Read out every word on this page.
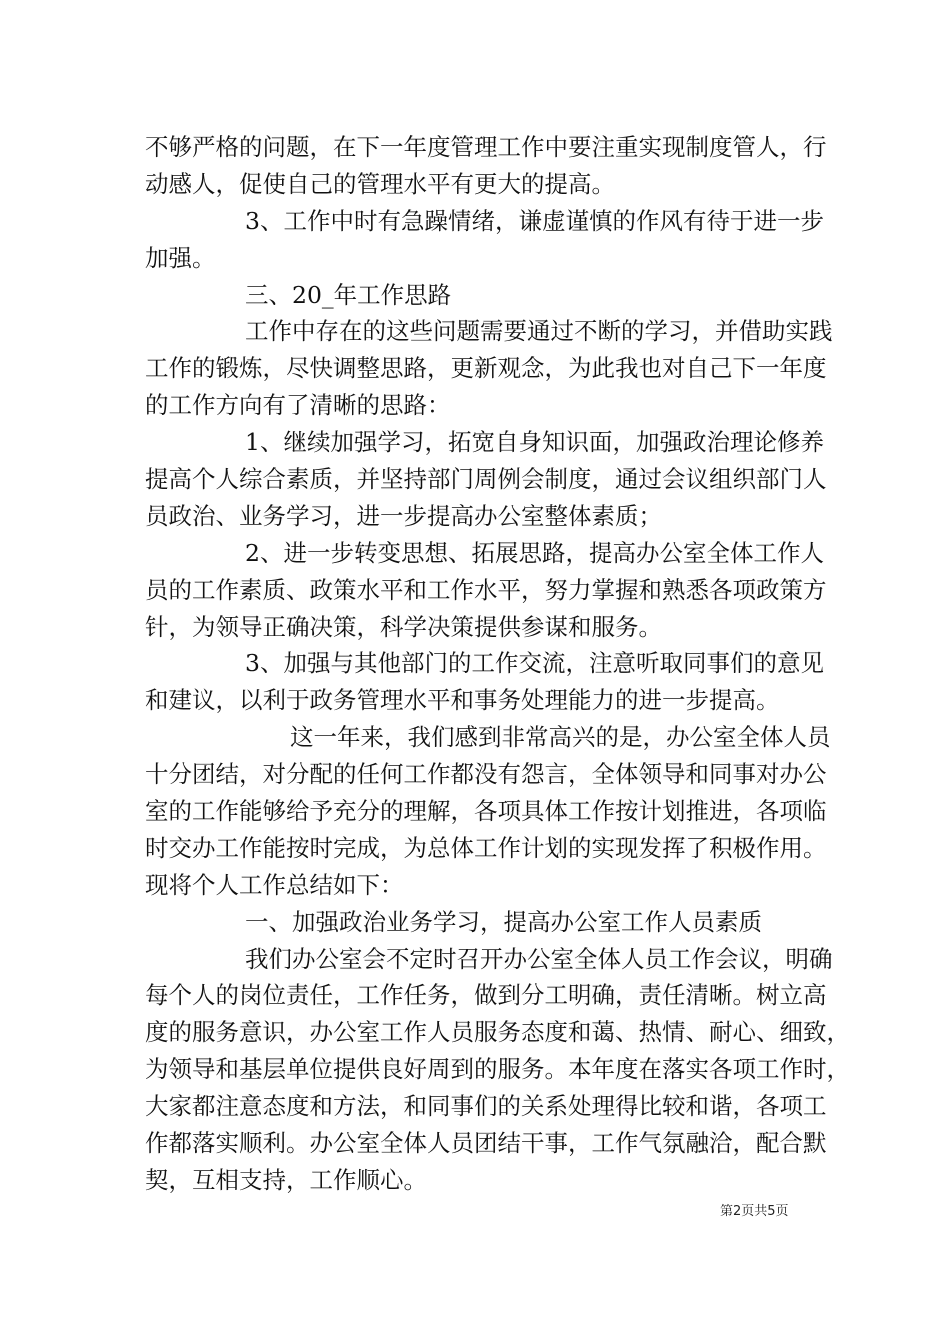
不够严格的问题，在下一年度管理工作中要注重实现制度管人，行
动感人，促使自己的管理水平有更大的提高。
3、工作中时有急躁情绪，谦虚谨慎的作风有待于进一步
加强。
三、20_年工作思路
工作中存在的这些问题需要通过不断的学习，并借助实践
工作的锻炼，尽快调整思路，更新观念，为此我也对自己下一年度
的工作方向有了清晰的思路：
1、继续加强学习，拓宽自身知识面，加强政治理论修养
提高个人综合素质，并坚持部门周例会制度，通过会议组织部门人
员政治、业务学习，进一步提高办公室整体素质；
2、进一步转变思想、拓展思路，提高办公室全体工作人
员的工作素质、政策水平和工作水平，努力掌握和熟悉各项政策方
针，为领导正确决策，科学决策提供参谋和服务。
3、加强与其他部门的工作交流，注意听取同事们的意见
和建议，以利于政务管理水平和事务处理能力的进一步提高。
这一年来，我们感到非常高兴的是，办公室全体人员
十分团结，对分配的任何工作都没有怨言，全体领导和同事对办公
室的工作能够给予充分的理解，各项具体工作按计划推进，各项临
时交办工作能按时完成，为总体工作计划的实现发挥了积极作用。
现将个人工作总结如下：
一、加强政治业务学习，提高办公室工作人员素质
我们办公室会不定时召开办公室全体人员工作会议，明确
每个人的岗位责任，工作任务，做到分工明确，责任清晰。树立高
度的服务意识，办公室工作人员服务态度和蔼、热情、耐心、细致，
为领导和基层单位提供良好周到的服务。本年度在落实各项工作时，
大家都注意态度和方法，和同事们的关系处理得比较和谐，各项工
作都落实顺利。办公室全体人员团结干事，工作气氛融洽，配合默
契，互相支持，工作顺心。
第2页共5页
